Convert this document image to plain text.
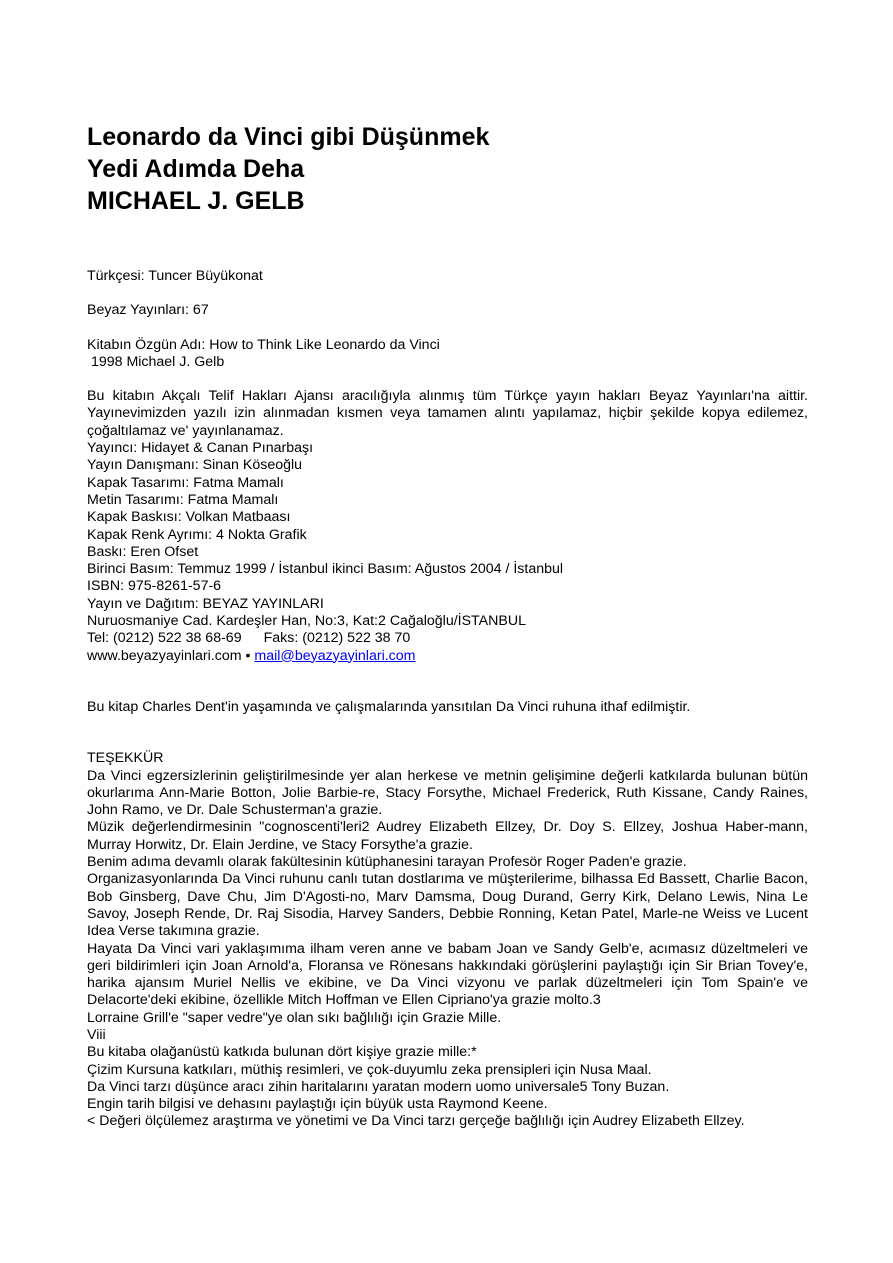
Leonardo da Vinci gibi Düşünmek

Yedi Adımda Deha

MICHAEL J. GELB

Türkçesi: Tuncer Büyükonat

Beyaz Yayınları: 67

Kitabın Özgün Adı: How to Think Like Leonardo da Vinci

1998 Michael J. Gelb

Bu kitabın Akçalı Telif Hakları Ajansı aracılığıyla alınmış tüm Türkçe yayın hakları Beyaz Yayınları'na aittir. Yayınevimizden yazılı izin alınmadan kısmen veya tamamen alıntı yapılamaz, hiçbir şekilde kopya edilemez, çoğaltılamaz ve' yayınlanamaz.

Yayıncı: Hidayet & Canan Pınarbaşı

Yayın Danışmanı: Sinan Köseoğlu

Kapak Tasarımı: Fatma Mamalı

Metin Tasarımı: Fatma Mamalı

Kapak Baskısı: Volkan Matbaası

Kapak Renk Ayrımı: 4 Nokta Grafik

Baskı: Eren Ofset

Birinci Basım: Temmuz 1999 / İstanbul ikinci Basım: Ağustos 2004 / İstanbul

ISBN: 975-8261-57-6

Yayın ve Dağıtım: BEYAZ YAYINLARI

Nuruosmaniye Cad. Kardeşler Han, No:3, Kat:2 Cağaloğlu/İSTANBUL

Tel: (0212) 522 38 68-69 Faks: (0212) 522 38 70

www.beyazyayinlari.com • mail@beyazyayinlari.com

Bu kitap Charles Dent'in yaşamında ve çalışmalarında yansıtılan Da Vinci ruhuna ithaf edilmiştir.

TEŞEKKÜR

Da Vinci egzersizlerinin geliştirilmesinde yer alan herkese ve metnin gelişimine değerli katkılarda bulunan bütün okurlarıma Ann-Marie Botton, Jolie Barbie-re, Stacy Forsythe, Michael Frederick, Ruth Kissane, Candy Raines, John Ramo, ve Dr. Dale Schusterman'a grazie.

Müzik değerlendirmesinin "cognoscenti'leri2 Audrey Elizabeth Ellzey, Dr. Doy S. Ellzey, Joshua Haber-mann, Murray Horwitz, Dr. Elain Jerdine, ve Stacy Forsythe'a grazie.

Benim adıma devamlı olarak fakültesinin kütüphanesini tarayan Profesör Roger Paden'e grazie.

Organizasyonlarında Da Vinci ruhunu canlı tutan dostlarıma ve müşterilerime, bilhassa Ed Bassett, Charlie Bacon, Bob Ginsberg, Dave Chu, Jim D'Agosti-no, Marv Damsma, Doug Durand, Gerry Kirk, Delano Lewis, Nina Le Savoy, Joseph Rende, Dr. Raj Sisodia, Harvey Sanders, Debbie Ronning, Ketan Patel, Marle-ne Weiss ve Lucent Idea Verse takımına grazie.

Hayata Da Vinci vari yaklaşımıma ilham veren anne ve babam Joan ve Sandy Gelb'e, acımasız düzeltmeleri ve geri bildirimleri için Joan Arnold'a, Floransa ve Rönesans hakkındaki görüşlerini paylaştığı için Sir Brian Tovey'e, harika ajansım Muriel Nellis ve ekibine, ve Da Vinci vizyonu ve parlak düzeltmeleri için Tom Spain'e ve Delacorte'deki ekibine, özellikle Mitch Hoffman ve Ellen Cipriano'ya grazie molto.3

Lorraine Grill'e "saper vedre"ye olan sıkı bağlılığı için Grazie Mille.

Viii

Bu kitaba olağanüstü katkıda bulunan dört kişiye grazie mille:*

Çizim Kursuna katkıları, müthiş resimleri, ve çok-duyumlu zeka prensipleri için Nusa Maal.

Da Vinci tarzı düşünce aracı zihin haritalarını yaratan modern uomo universale5 Tony Buzan.

Engin tarih bilgisi ve dehasını paylaştığı için büyük usta Raymond Keene.

< Değeri ölçülemez araştırma ve yönetimi ve Da Vinci tarzı gerçeğe bağlılığı için Audrey Elizabeth Ellzey.
